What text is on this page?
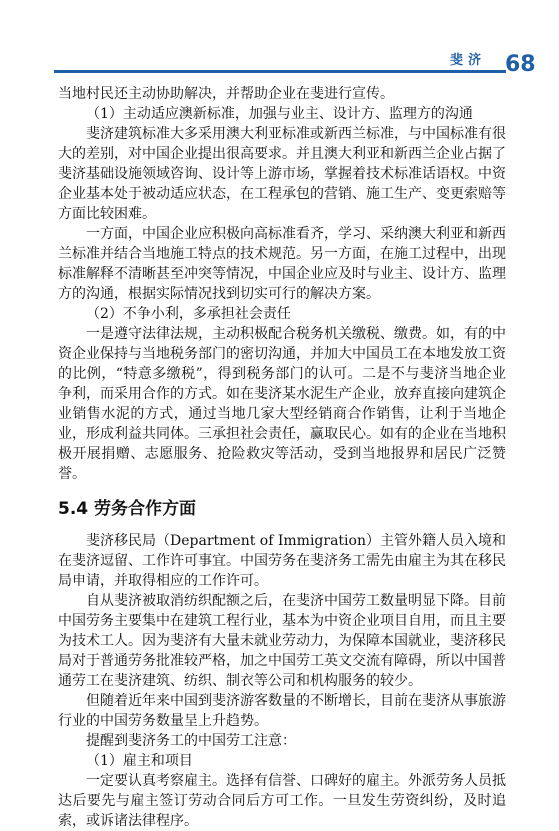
斐济 68

当地村民还主动协助解决，并帮助企业在斐进行宣传。

（1）主动适应澳新标准，加强与业主、设计方、监理方的沟通

斐济建筑标准大多采用澳大利亚标准或新西兰标准，与中国标准有很大的差别，对中国企业提出很高要求。并且澳大利亚和新西兰企业占据了斐济基础设施领域咨询、设计等上游市场，掌握着技术标准话语权。中资企业基本处于被动适应状态，在工程承包的营销、施工生产、变更索赔等方面比较困难。

一方面，中国企业应积极向高标准看齐，学习、采纳澳大利亚和新西兰标准并结合当地施工特点的技术规范。另一方面，在施工过程中，出现标准解释不清晰甚至冲突等情况，中国企业应及时与业主、设计方、监理方的沟通，根据实际情况找到切实可行的解决方案。

（2）不争小利，多承担社会责任

一是遵守法律法规，主动积极配合税务机关缴税、缴费。如，有的中资企业保持与当地税务部门的密切沟通，并加大中国员工在本地发放工资的比例，“特意多缴税”，得到税务部门的认可。二是不与斐济当地企业争利，而采用合作的方式。如在斐济某水泥生产企业，放弃直接向建筑企业销售水泥的方式，通过当地几家大型经销商合作销售，让利于当地企业，形成利益共同体。三承担社会责任，赢取民心。如有的企业在当地积极开展捐赠、志愿服务、抢险救灾等活动，受到当地报界和居民广泛赞誉。

5.4 劳务合作方面

斐济移民局（Department of Immigration）主管外籍人员入境和在斐济逗留、工作许可事宜。中国劳务在斐济务工需先由雇主为其在移民局申请，并取得相应的工作许可。

自从斐济被取消纺织配额之后，在斐济中国劳工数量明显下降。目前中国劳务主要集中在建筑工程行业，基本为中资企业项目自用，而且主要为技术工人。因为斐济有大量未就业劳动力，为保障本国就业，斐济移民局对于普通劳务批准较严格，加之中国劳工英文交流有障碍，所以中国普通劳工在斐济建筑、纺织、制衣等公司和机构服务的较少。

但随着近年来中国到斐济游客数量的不断增长，目前在斐济从事旅游行业的中国劳务数量呈上升趋势。

提醒到斐济务工的中国劳工注意：

（1）雇主和项目

一定要认真考察雇主。选择有信誉、口碑好的雇主。外派劳务人员抵达后要先与雇主签订劳动合同后方可工作。一旦发生劳资纠纷，及时追索，或诉诸法律程序。
